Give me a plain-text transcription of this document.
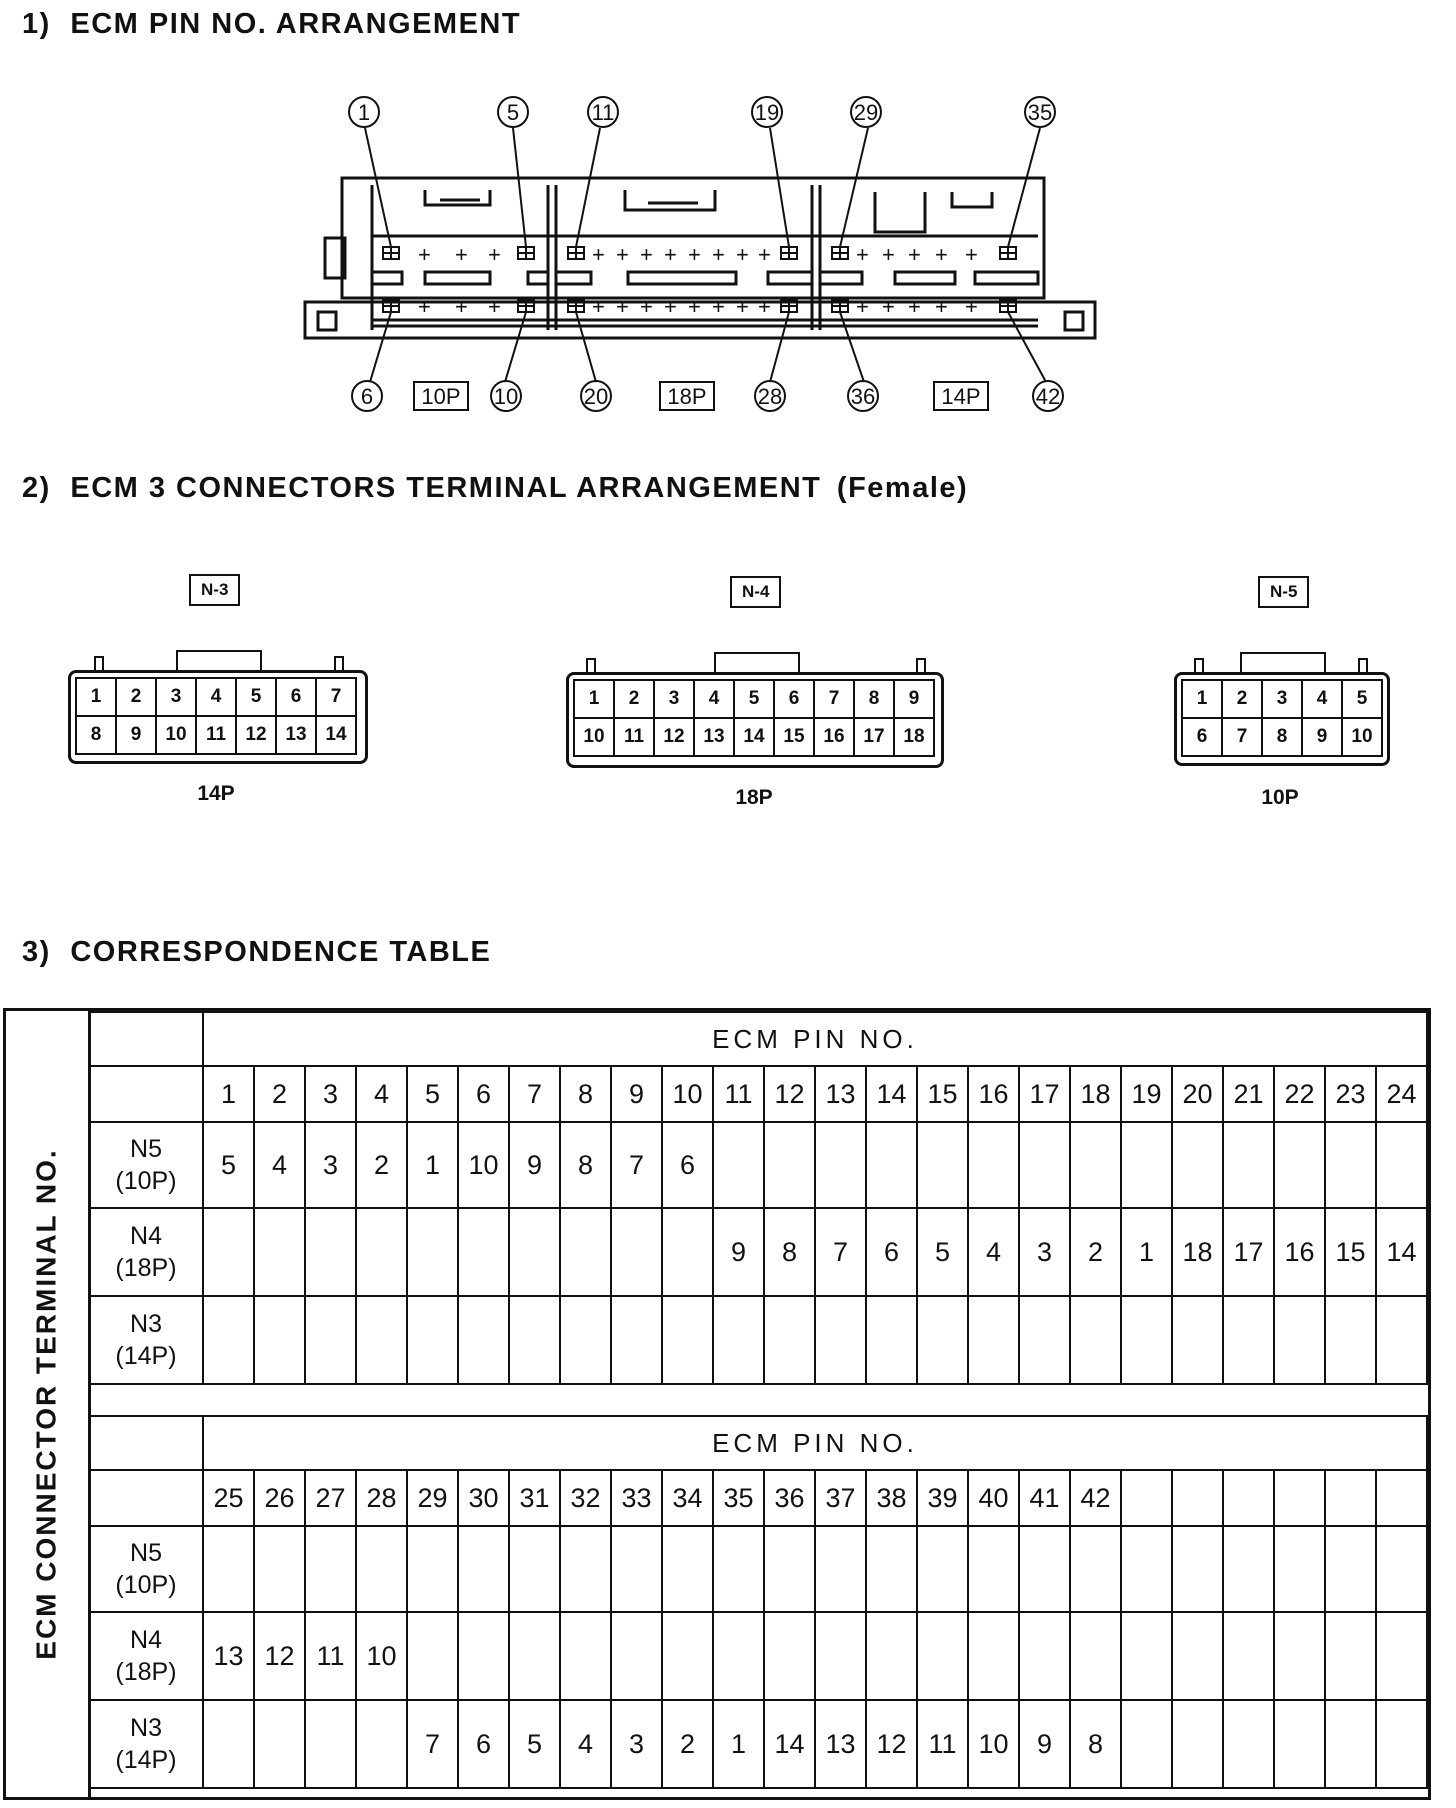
1) ECM PIN NO. ARRANGEMENT
+ + +	+ + + + + + + +	+ + + + +
+ + +	+ + + + + + + +	+ + + + +
1	5	11	19	29	35
6	10	20	28	36	42
10P	18P	14P
2) ECM 3 CONNECTORS TERMINAL ARRANGEMENT (Female)
N-3
1	2	3	4	5	6	7
8	9	10	11	12	13	14
14P
N-4
1	2	3	4	5	6	7	8	9
10	11	12	13	14	15	16	17	18
18P
N-5
1	2	3	4	5
6	7	8	9	10
10P
3) CORRESPONDENCE TABLE
ECM CONNECTOR TERMINAL NO.
	ECM PIN NO.																							
	1	2	3	4	5	6	7	8	9	10	11	12	13	14	15	16	17	18	19	20	21	22	23	24

N5
(10P)	5	4	3	2	1	10	9	8	7	6														

N4
(18P)											9	8	7	6	5	4	3	2	1	18	17	16	15	14

N3
(14P)																								

	ECM PIN NO.																							
	25	26	27	28	29	30	31	32	33	34	35	36	37	38	39	40	41	42						

N5
(10P)																								

N4
(18P)	13	12	11	10																				

N3
(14P)					7	6	5	4	3	2	1	14	13	12	11	10	9	8						
